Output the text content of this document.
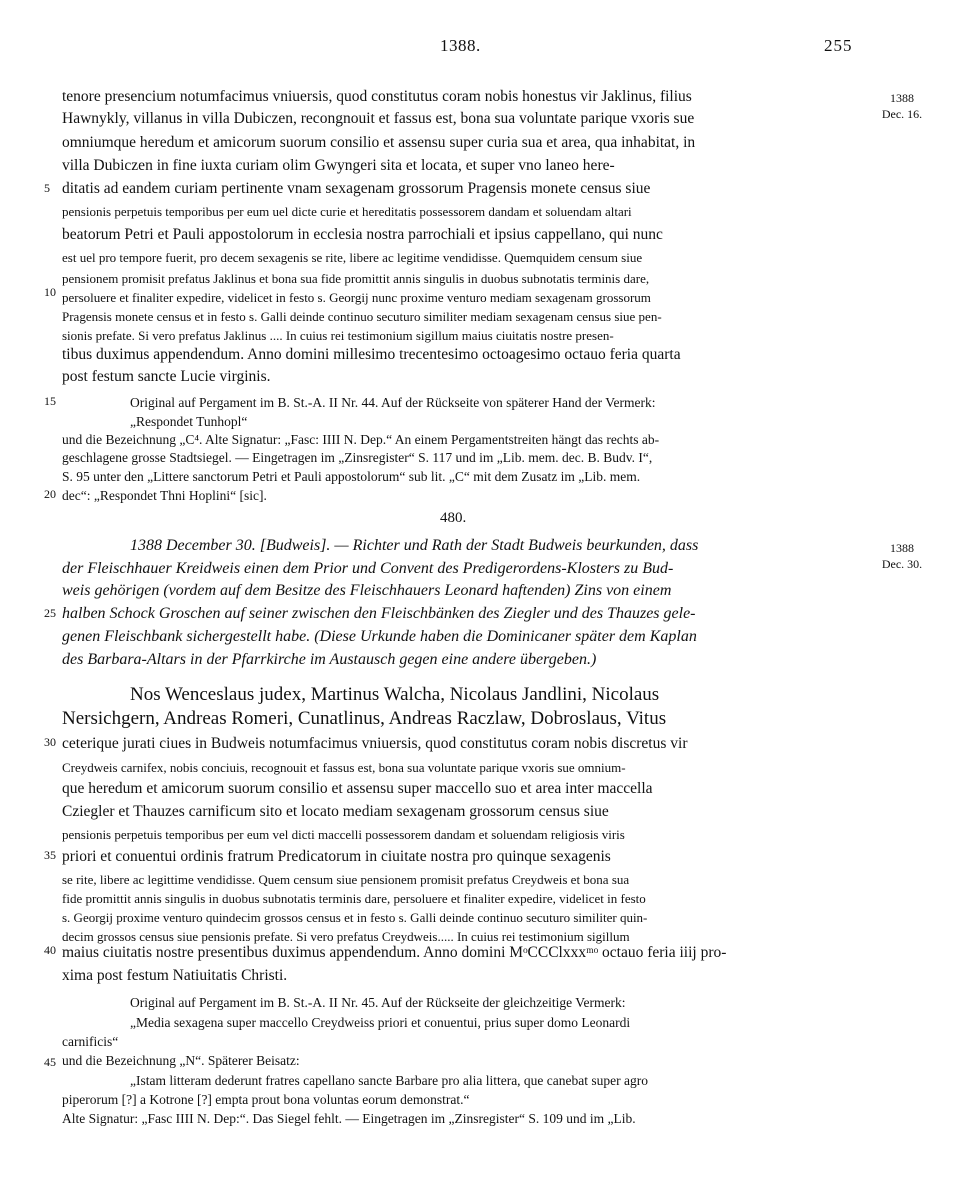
1388.	255
1388
Dec. 16.
1388
Dec. 30.
5
10
15
20
25
30
35
40
45
tenore presencium notumfacimus vniuersis, quod constitutus coram nobis honestus vir Jaklinus, filius
Hawnykly, villanus in villa Dubiczen, recongnouit et fassus est, bona sua voluntate parique vxoris sue
omniumque heredum et amicorum suorum consilio et assensu super curia sua et area, qua inhabitat, in
villa Dubiczen in fine iuxta curiam olim Gwyngeri sita et locata, et super vno laneo here-
ditatis ad eandem curiam pertinente vnam sexagenam grossorum Pragensis monete census siue
pensionis perpetuis temporibus per eum uel dicte curie et hereditatis possessorem dandam et soluendam altari
beatorum Petri et Pauli appostolorum in ecclesia nostra parrochiali et ipsius cappellano, qui nunc
est uel pro tempore fuerit, pro decem sexagenis se rite, libere ac legitime vendidisse. Quemquidem censum siue
pensionem promisit prefatus Jaklinus et bona sua fide promittit annis singulis in duobus subnotatis terminis dare,
persoluere et finaliter expedire, videlicet in festo s. Georgij nunc proxime venturo mediam sexagenam grossorum
Pragensis monete census et in festo s. Galli deinde continuo secuturo similiter mediam sexagenam census siue pen-
sionis prefate. Si vero prefatus Jaklinus .... In cuius rei testimonium sigillum maius ciuitatis nostre presen-
tibus duximus appendendum. Anno domini millesimo trecentesimo octoagesimo octauo feria quarta
post festum sancte Lucie virginis.
Original auf Pergament im B. St.-A. II Nr. 44. Auf der Rückseite von späterer Hand der Vermerk:
„Respondet Tunhopl“
und die Bezeichnung „C⁴. Alte Signatur: „Fasc: IIII N. Dep.“ An einem Pergamentstreiten hängt das rechts ab-
geschlagene grosse Stadtsiegel. — Eingetragen im „Zinsregister“ S. 117 und im „Lib. mem. dec. B. Budv. I“,
S. 95 unter den „Littere sanctorum Petri et Pauli appostolorum“ sub lit. „C“ mit dem Zusatz im „Lib. mem.
dec“: „Respondet Thni Hoplini“ [sic].
480.
1388 December 30. [Budweis]. — Richter und Rath der Stadt Budweis beurkunden, dass
der Fleischhauer Kreidweis einen dem Prior und Convent des Predigerordens-Klosters zu Bud-
weis gehörigen (vordem auf dem Besitze des Fleischhauers Leonard haftenden) Zins von einem
halben Schock Groschen auf seiner zwischen den Fleischbänken des Ziegler und des Thauzes gele-
genen Fleischbank sichergestellt habe. (Diese Urkunde haben die Dominicaner später dem Kaplan
des Barbara-Altars in der Pfarrkirche im Austausch gegen eine andere übergeben.)
Nos Wenceslaus judex, Martinus Walcha, Nicolaus Jandlini, Nicolaus
Nersichgern, Andreas Romeri, Cunatlinus, Andreas Raczlaw, Dobroslaus, Vitus
ceterique jurati ciues in Budweis notumfacimus vniuersis, quod constitutus coram nobis discretus vir
Creydweis carnifex, nobis conciuis, recognouit et fassus est, bona sua voluntate parique vxoris sue omnium-
que heredum et amicorum suorum consilio et assensu super maccello suo et area inter maccella
Cziegler et Thauzes carnificum sito et locato mediam sexagenam grossorum census siue
pensionis perpetuis temporibus per eum vel dicti maccelli possessorem dandam et soluendam religiosis viris
priori et conuentui ordinis fratrum Predicatorum in ciuitate nostra pro quinque sexagenis
se rite, libere ac legittime vendidisse. Quem censum siue pensionem promisit prefatus Creydweis et bona sua
fide promittit annis singulis in duobus subnotatis terminis dare, persoluere et finaliter expedire, videlicet in festo
s. Georgij proxime venturo quindecim grossos census et in festo s. Galli deinde continuo secuturo similiter quin-
decim grossos census siue pensionis prefate. Si vero prefatus Creydweis..... In cuius rei testimonium sigillum
maius ciuitatis nostre presentibus duximus appendendum. Anno domini MᵒCCClxxxᵐᵒ octauo feria iiij pro-
xima post festum Natiuitatis Christi.
Original auf Pergament im B. St.-A. II Nr. 45. Auf der Rückseite der gleichzeitige Vermerk:
„Media sexagena super maccello Creydweiss priori et conuentui, prius super domo Leonardi
carnificis“
und die Bezeichnung „N“. Späterer Beisatz:
„Istam litteram dederunt fratres capellano sancte Barbare pro alia littera, que canebat super agro
piperorum [?] a Kotrone [?] empta prout bona voluntas eorum demonstrat.“
Alte Signatur: „Fasc IIII N. Dep:“. Das Siegel fehlt. — Eingetragen im „Zinsregister“ S. 109 und im „Lib.
